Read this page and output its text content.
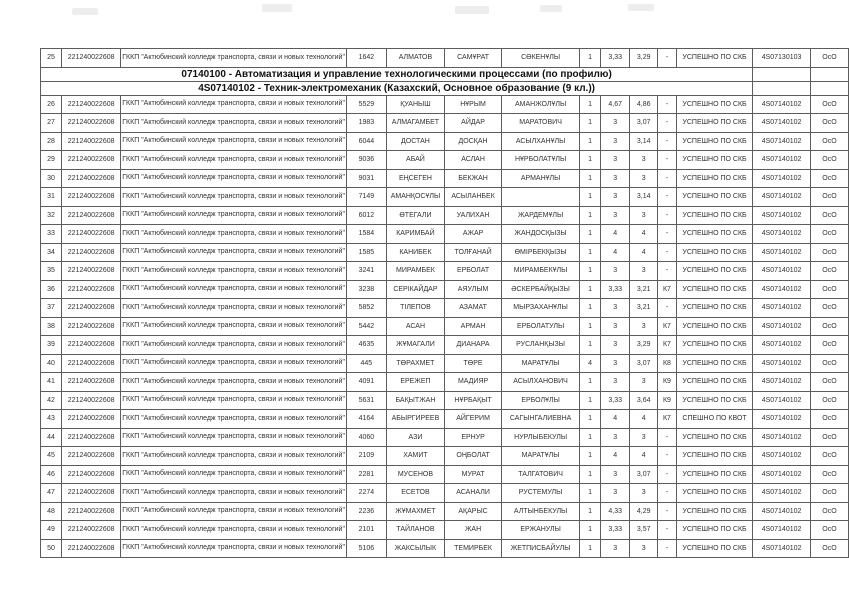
25	221240022608	ГККП "Актюбинский колледж транспорта, связи и новых технологий"	1642	АЛМАТОВ	САМҰРАТ	СӨКЕНҰЛЫ	1	3,33	3,29	-	УСПЕШНО ПО СКБ	4S07130103	ОсО
07140100 - Автоматизация и управление технологическими процессами (по профилю)													
4S07140102 - Техник-электромеханик (Казахский, Основное образование (9 кл.))													
26	221240022608	ГККП "Актюбинский колледж транспорта, связи и новых технологий"	5529	ҚУАНЫШ	НҰРЫМ	АМАНЖОЛҰЛЫ	1	4,67	4,86	-	УСПЕШНО ПО СКБ	4S07140102	ОсО
27	221240022608	ГККП "Актюбинский колледж транспорта, связи и новых технологий"	1983	АЛМАГАМБЕТ	АЙДАР	МАРАТОВИЧ	1	3	3,07	-	УСПЕШНО ПО СКБ	4S07140102	ОсО
28	221240022608	ГККП "Актюбинский колледж транспорта, связи и новых технологий"	6044	ДОСТАН	ДОСҚАН	АСЫЛХАНҰЛЫ	1	3	3,14	-	УСПЕШНО ПО СКБ	4S07140102	ОсО
29	221240022608	ГККП "Актюбинский колледж транспорта, связи и новых технологий"	9036	АБАЙ	АСЛАН	НҰРБОЛАТҰЛЫ	1	3	3	-	УСПЕШНО ПО СКБ	4S07140102	ОсО
30	221240022608	ГККП "Актюбинский колледж транспорта, связи и новых технологий"	9031	ЕҢСЕГЕН	БЕКЖАН	АРМАНҰЛЫ	1	3	3	-	УСПЕШНО ПО СКБ	4S07140102	ОсО
31	221240022608	ГККП "Актюбинский колледж транспорта, связи и новых технологий"	7149	АМАНҚОСҰЛЫ	АСЫЛАНБЕК		1	3	3,14	-	УСПЕШНО ПО СКБ	4S07140102	ОсО
32	221240022608	ГККП "Актюбинский колледж транспорта, связи и новых технологий"	6012	ӨТЕГАЛИ	УАЛИХАН	ЖАРДЕМҰЛЫ	1	3	3	-	УСПЕШНО ПО СКБ	4S07140102	ОсО
33	221240022608	ГККП "Актюбинский колледж транспорта, связи и новых технологий"	1584	КАРИМБАЙ	АЖАР	ЖАНДОСҚЫЗЫ	1	4	4	-	УСПЕШНО ПО СКБ	4S07140102	ОсО
34	221240022608	ГККП "Актюбинский колледж транспорта, связи и новых технологий"	1585	КАНИБЕК	ТОЛҒАНАЙ	ӨМІРБЕКҚЫЗЫ	1	4	4	-	УСПЕШНО ПО СКБ	4S07140102	ОсО
35	221240022608	ГККП "Актюбинский колледж транспорта, связи и новых технологий"	3241	МИРАМБЕК	ЕРБОЛАТ	МИРАМБЕКҰЛЫ	1	3	3	-	УСПЕШНО ПО СКБ	4S07140102	ОсО
36	221240022608	ГККП "Актюбинский колледж транспорта, связи и новых технологий"	3238	СЕРІКАЙДАР	АЯУЛЫМ	ӘСКЕРБАЙҚЫЗЫ	1	3,33	3,21	К7	УСПЕШНО ПО СКБ	4S07140102	ОсО
37	221240022608	ГККП "Актюбинский колледж транспорта, связи и новых технологий"	5852	ТІЛЕПОВ	АЗАМАТ	МЫРЗАХАНҰЛЫ	1	3	3,21	-	УСПЕШНО ПО СКБ	4S07140102	ОсО
38	221240022608	ГККП "Актюбинский колледж транспорта, связи и новых технологий"	5442	АСАН	АРМАН	ЕРБОЛАТУЛЫ	1	3	3	К7	УСПЕШНО ПО СКБ	4S07140102	ОсО
39	221240022608	ГККП "Актюбинский колледж транспорта, связи и новых технологий"	4635	ЖҰМАГАЛИ	ДИАНАРА	РУСЛАНҚЫЗЫ	1	3	3,29	К7	УСПЕШНО ПО СКБ	4S07140102	ОсО
40	221240022608	ГККП "Актюбинский колледж транспорта, связи и новых технологий"	445	ТӨРАХМЕТ	ТӨРЕ	МАРАТҰЛЫ	4	3	3,07	К8	УСПЕШНО ПО СКБ	4S07140102	ОсО
41	221240022608	ГККП "Актюбинский колледж транспорта, связи и новых технологий"	4091	ЕРЕЖЕП	МАДИЯР	АСЫЛХАНОВИЧ	1	3	3	К9	УСПЕШНО ПО СКБ	4S07140102	ОсО
42	221240022608	ГККП "Актюбинский колледж транспорта, связи и новых технологий"	5631	БАҚЫТЖАН	НҰРБАҚЫТ	ЕРБОЛҰЛЫ	1	3,33	3,64	К9	УСПЕШНО ПО СКБ	4S07140102	ОсО
43	221240022608	ГККП "Актюбинский колледж транспорта, связи и новых технологий"	4164	АБЫРГИРЕЕВ	АЙГЕРИМ	САГЫНГАЛИЕВНА	1	4	4	К7	СПЕШНО ПО КВОТ	4S07140102	ОсО
44	221240022608	ГККП "Актюбинский колледж транспорта, связи и новых технологий"	4060	АЗИ	ЕРНУР	НУРЛЫБЕКУЛЫ	1	3	3	-	УСПЕШНО ПО СКБ	4S07140102	ОсО
45	221240022608	ГККП "Актюбинский колледж транспорта, связи и новых технологий"	2109	ХАМИТ	ОҢБОЛАТ	МАРАТҰЛЫ	1	4	4	-	УСПЕШНО ПО СКБ	4S07140102	ОсО
46	221240022608	ГККП "Актюбинский колледж транспорта, связи и новых технологий"	2281	МУСЕНОВ	МУРАТ	ТАЛГАТОВИЧ	1	3	3,07	-	УСПЕШНО ПО СКБ	4S07140102	ОсО
47	221240022608	ГККП "Актюбинский колледж транспорта, связи и новых технологий"	2274	ЕСЕТОВ	АСАНАЛИ	РУСТЕМУЛЫ	1	3	3	-	УСПЕШНО ПО СКБ	4S07140102	ОсО
48	221240022608	ГККП "Актюбинский колледж транспорта, связи и новых технологий"	2236	ЖҰМАХМЕТ	АҚАРЫС	АЛТЫНБЕКУЛЫ	1	4,33	4,29	-	УСПЕШНО ПО СКБ	4S07140102	ОсО
49	221240022608	ГККП "Актюбинский колледж транспорта, связи и новых технологий"	2101	ТАЙЛАНОВ	ЖАН	ЕРЖАНУЛЫ	1	3,33	3,57	-	УСПЕШНО ПО СКБ	4S07140102	ОсО
50	221240022608	ГККП "Актюбинский колледж транспорта, связи и новых технологий"	5106	ЖАКСЫЛЫК	ТЕМИРБЕК	ЖЕТПИСБАЙУЛЫ	1	3	3	-	УСПЕШНО ПО СКБ	4S07140102	ОсО
